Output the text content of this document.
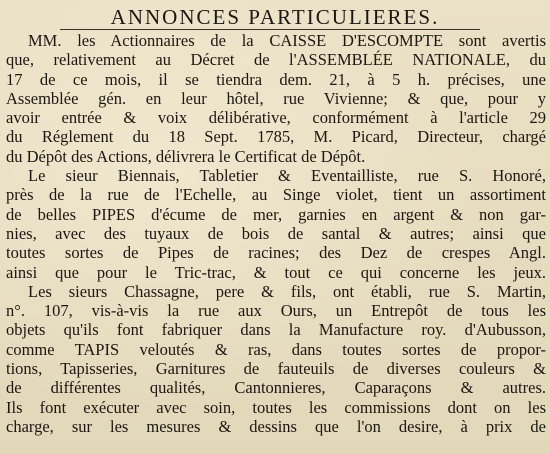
ANNONCES PARTICULIERES.
MM. les Actionnaires de la CAISSE D'ESCOMPTE sont avertis
que, relativement au Décret de l'ASSEMBLÉE NATIONALE, du
17 de ce mois, il se tiendra dem. 21, à 5 h. précises, une
Assemblée gén. en leur hôtel, rue Vivienne; & que, pour y
avoir entrée & voix délibérative, conformément à l'article 29
du Réglement du 18 Sept. 1785, M. Picard, Directeur, chargé
du Dépôt des Actions, délivrera le Certificat de Dépôt.
Le sieur Biennais, Tabletier & Eventailliste, rue S. Honoré,
près de la rue de l'Echelle, au Singe violet, tient un assortiment
de belles PIPES d'écume de mer, garnies en argent & non gar-
nies, avec des tuyaux de bois de santal & autres; ainsi que
toutes sortes de Pipes de racines; des Dez de crespes Angl.
ainsi que pour le Tric-trac, & tout ce qui concerne les jeux.
Les sieurs Chassagne, pere & fils, ont établi, rue S. Martin,
n°. 107, vis-à-vis la rue aux Ours, un Entrepôt de tous les
objets qu'ils font fabriquer dans la Manufacture roy. d'Aubusson,
comme TAPIS veloutés & ras, dans toutes sortes de propor-
tions, Tapisseries, Garnitures de fauteuils de diverses couleurs &
de différentes qualités, Cantonnieres, Caparaçons & autres.
Ils font exécuter avec soin, toutes les commissions dont on les
charge, sur les mesures & dessins que l'on desire, à prix de
